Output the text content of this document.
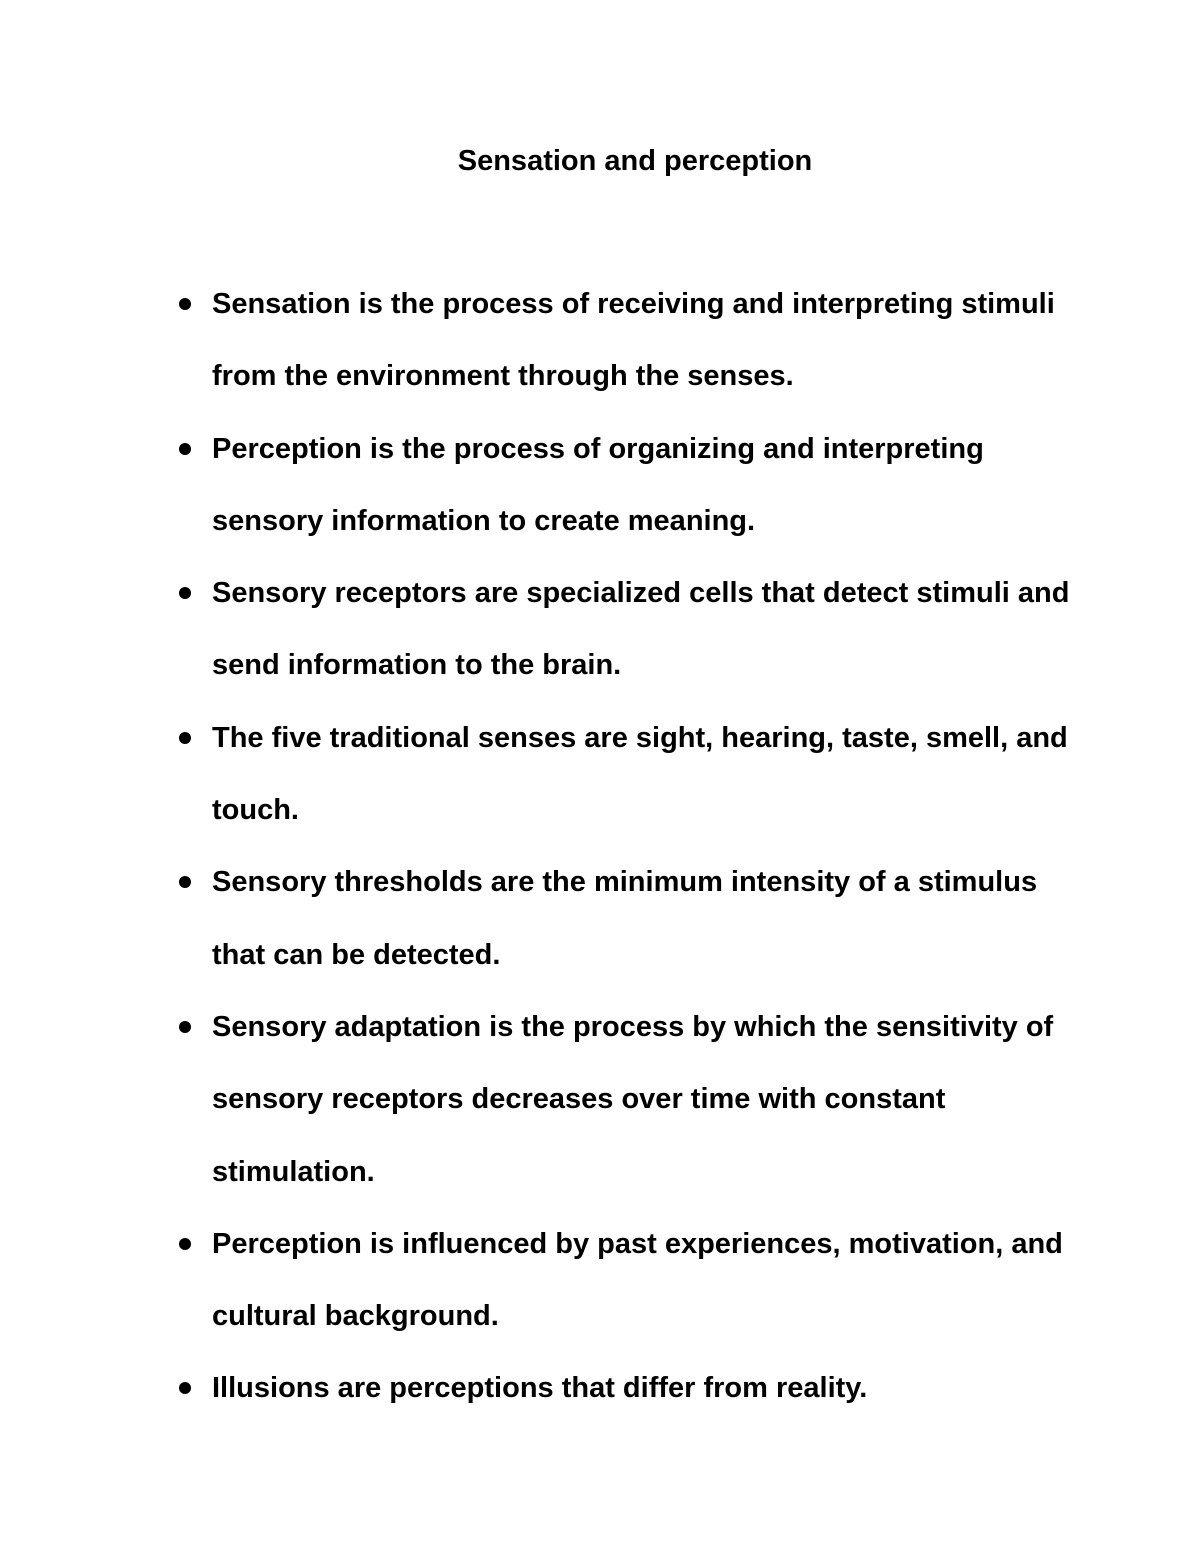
Sensation and perception
Sensation is the process of receiving and interpreting stimuli from the environment through the senses.
Perception is the process of organizing and interpreting sensory information to create meaning.
Sensory receptors are specialized cells that detect stimuli and send information to the brain.
The five traditional senses are sight, hearing, taste, smell, and touch.
Sensory thresholds are the minimum intensity of a stimulus that can be detected.
Sensory adaptation is the process by which the sensitivity of sensory receptors decreases over time with constant stimulation.
Perception is influenced by past experiences, motivation, and cultural background.
Illusions are perceptions that differ from reality.
